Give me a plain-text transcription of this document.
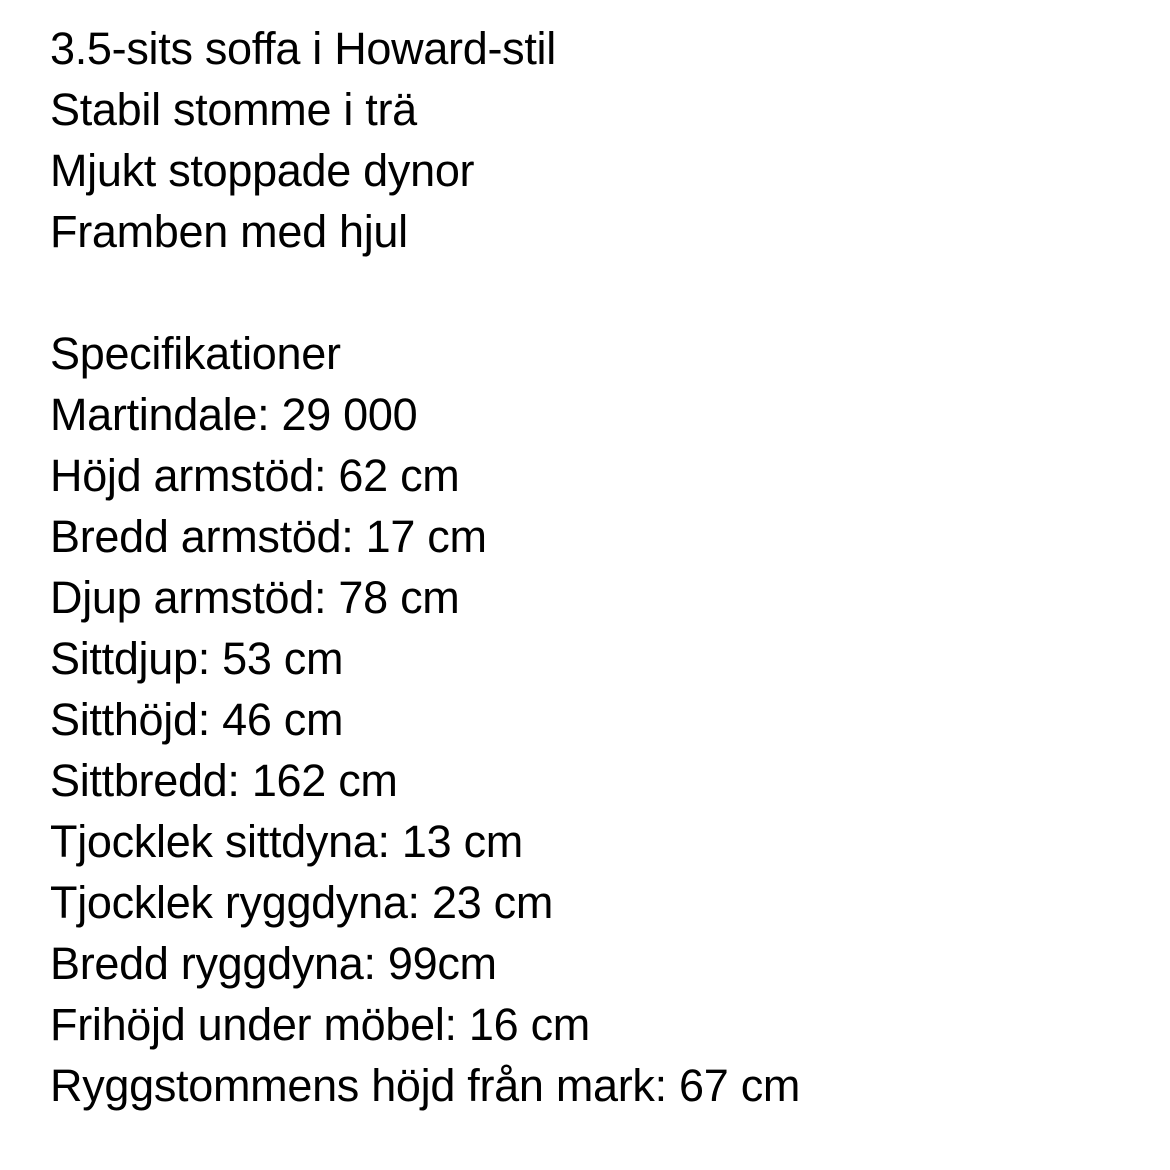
3.5-sits soffa i Howard-stil
Stabil stomme i trä
Mjukt stoppade dynor
Framben med hjul
Specifikationer
Martindale: 29 000
Höjd armstöd: 62 cm
Bredd armstöd: 17 cm
Djup armstöd: 78 cm
Sittdjup: 53 cm
Sitthöjd: 46 cm
Sittbredd: 162 cm
Tjocklek sittdyna: 13 cm
Tjocklek ryggdyna: 23 cm
Bredd ryggdyna: 99cm
Frihöjd under möbel: 16 cm
Ryggstommens höjd från mark: 67 cm
